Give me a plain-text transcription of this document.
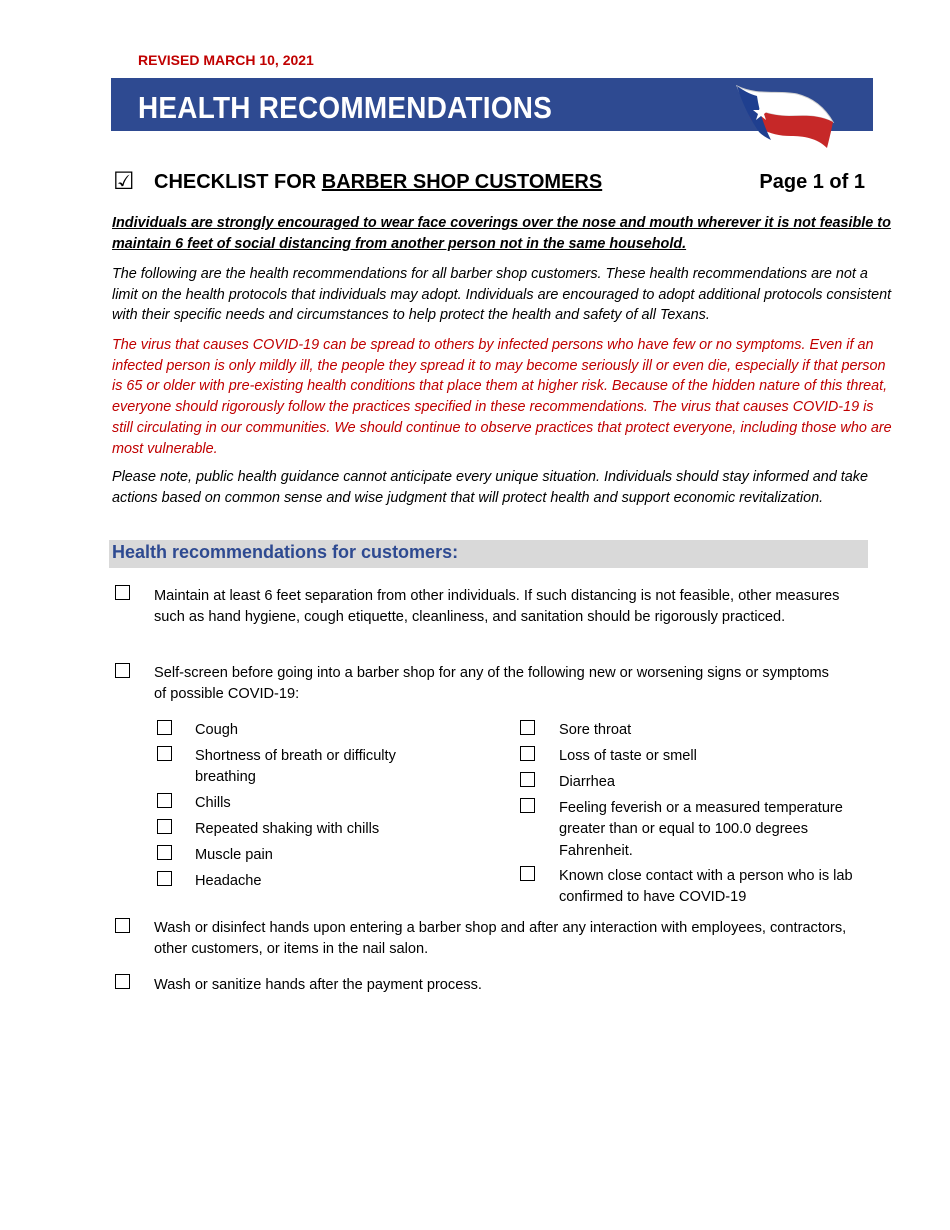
REVISED MARCH 10, 2021
HEALTH RECOMMENDATIONS
☑ CHECKLIST FOR BARBER SHOP CUSTOMERS	Page 1 of 1

Individuals are strongly encouraged to wear face coverings over the nose and mouth wherever it is not feasible to maintain 6 feet of social distancing from another person not in the same household.

The following are the health recommendations for all barber shop customers. These health recommendations are not a limit on the health protocols that individuals may adopt. Individuals are encouraged to adopt additional protocols consistent with their specific needs and circumstances to help protect the health and safety of all Texans.

The virus that causes COVID-19 can be spread to others by infected persons who have few or no symptoms. Even if an infected person is only mildly ill, the people they spread it to may become seriously ill or even die, especially if that person is 65 or older with pre-existing health conditions that place them at higher risk. Because of the hidden nature of this threat, everyone should rigorously follow the practices specified in these recommendations. The virus that causes COVID-19 is still circulating in our communities. We should continue to observe practices that protect everyone, including those who are most vulnerable.

Please note, public health guidance cannot anticipate every unique situation. Individuals should stay informed and take actions based on common sense and wise judgment that will protect health and support economic revitalization.

Health recommendations for customers:

Maintain at least 6 feet separation from other individuals. If such distancing is not feasible, other measures such as hand hygiene, cough etiquette, cleanliness, and sanitation should be rigorously practiced.

Self-screen before going into a barber shop for any of the following new or worsening signs or symptoms of possible COVID-19:

Cough

Shortness of breath or difficulty breathing

Chills

Repeated shaking with chills

Muscle pain

Headache

Sore throat

Loss of taste or smell

Diarrhea

Feeling feverish or a measured temperature greater than or equal to 100.0 degrees Fahrenheit.

Known close contact with a person who is lab confirmed to have COVID-19

Wash or disinfect hands upon entering a barber shop and after any interaction with employees, contractors, other customers, or items in the nail salon.

Wash or sanitize hands after the payment process.
